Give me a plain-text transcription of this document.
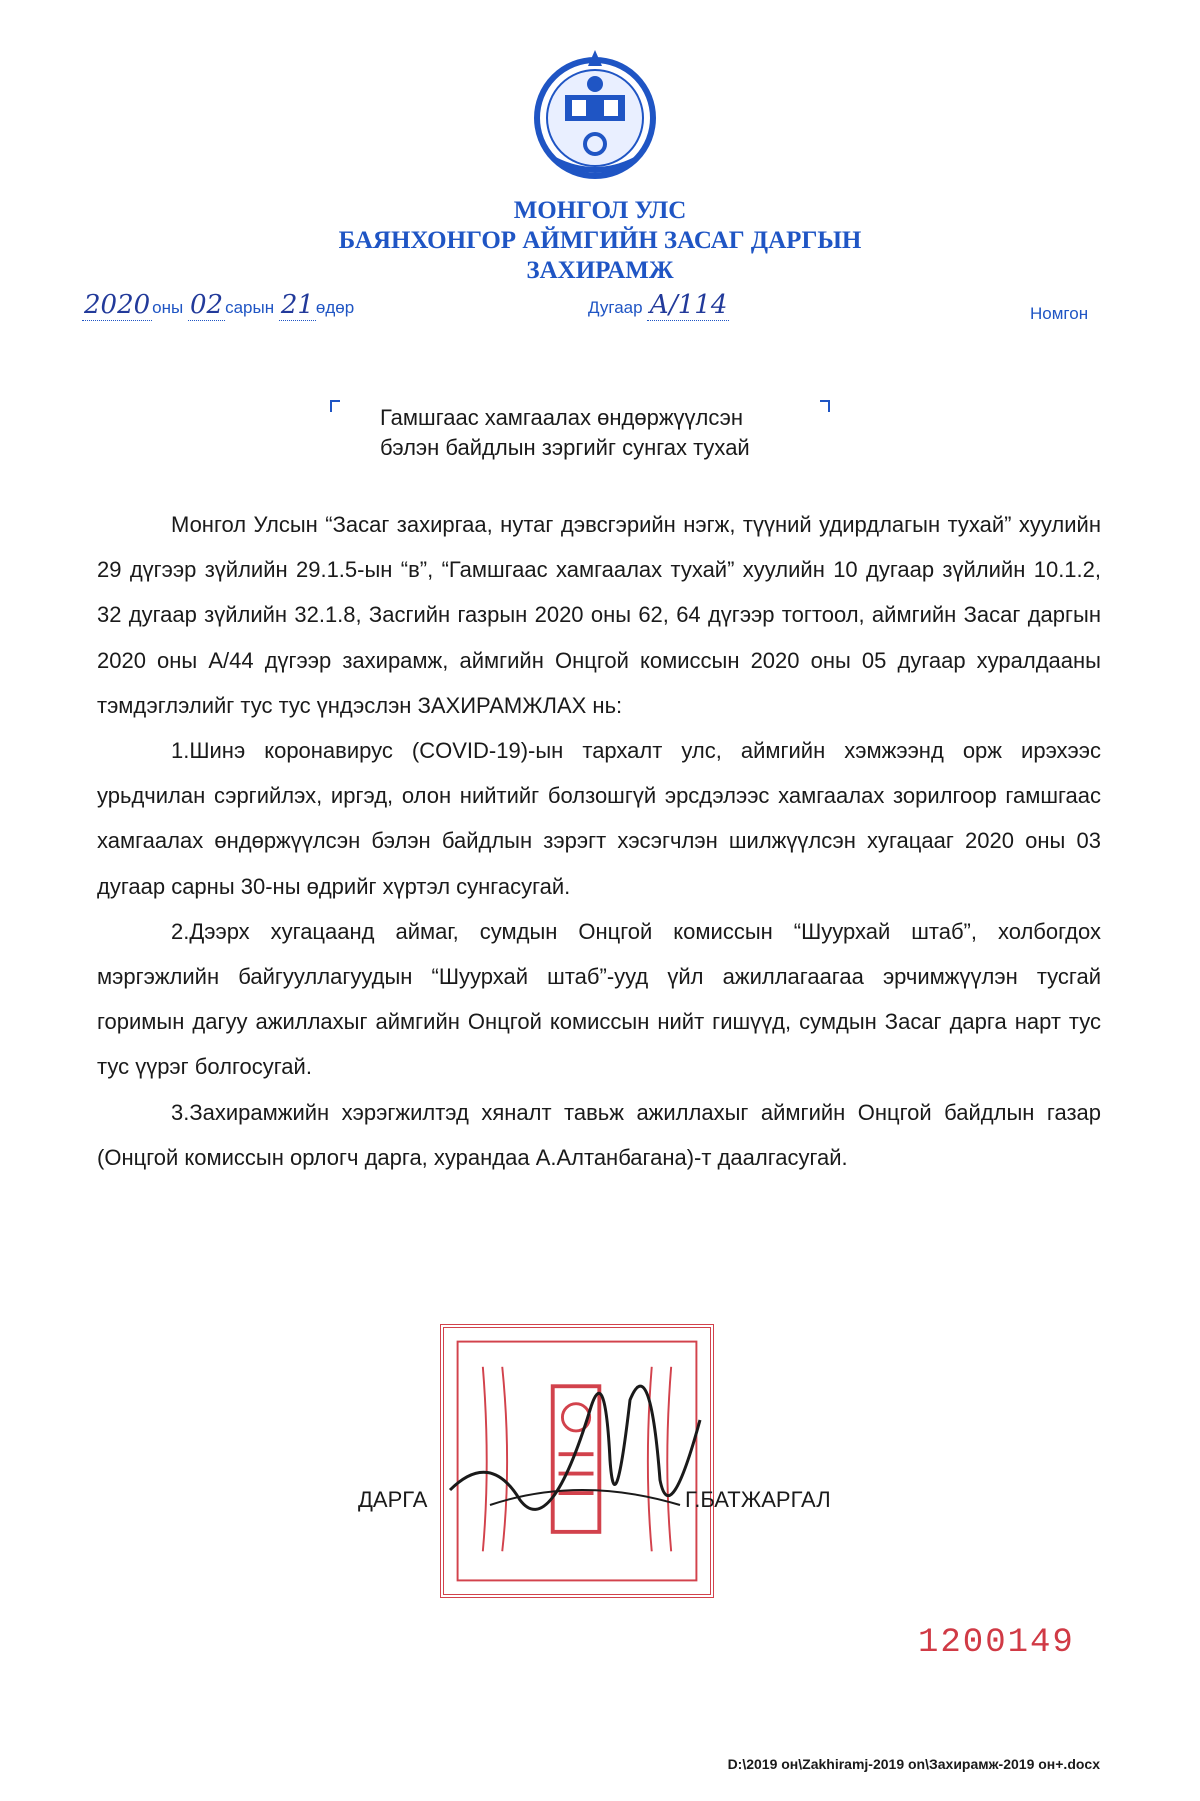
МОНГОЛ УЛС
БАЯНХОНГОР АЙМГИЙН ЗАСАГ ДАРГЫН
ЗАХИРАМЖ
2020 оны 02 сарын 21 өдөр	Дугаар А/114	Номгон
Гамшгаас хамгаалах өндөржүүлсэн
бэлэн байдлын зэргийг сунгах тухай

Монгол Улсын “Засаг захиргаа, нутаг дэвсгэрийн нэгж, түүний удирдлагын тухай” хуулийн 29 дүгээр зүйлийн 29.1.5-ын “в”, “Гамшгаас хамгаалах тухай” хуулийн 10 дугаар зүйлийн 10.1.2, 32 дугаар зүйлийн 32.1.8, Засгийн газрын 2020 оны 62, 64 дүгээр тогтоол, аймгийн Засаг даргын 2020 оны А/44 дүгээр захирамж, аймгийн Онцгой комиссын 2020 оны 05 дугаар хуралдааны тэмдэглэлийг тус тус үндэслэн ЗАХИРАМЖЛАХ нь:

1.Шинэ коронавирус (COVID-19)-ын тархалт улс, аймгийн хэмжээнд орж ирэхээс урьдчилан сэргийлэх, иргэд, олон нийтийг болзошгүй эрсдэлээс хамгаалах зорилгоор гамшгаас хамгаалах өндөржүүлсэн бэлэн байдлын зэрэгт хэсэгчлэн шилжүүлсэн хугацааг 2020 оны 03 дугаар сарны 30-ны өдрийг хүртэл сунгасугай.

2.Дээрх хугацаанд аймаг, сумдын Онцгой комиссын “Шуурхай штаб”, холбогдох мэргэжлийн байгууллагуудын “Шуурхай штаб”-ууд үйл ажиллагаагаа эрчимжүүлэн тусгай горимын дагуу ажиллахыг аймгийн Онцгой комиссын нийт гишүүд, сумдын Засаг дарга нарт тус тус үүрэг болгосугай.

3.Захирамжийн хэрэгжилтэд хяналт тавьж ажиллахыг аймгийн Онцгой байдлын газар (Онцгой комиссын орлогч дарга, хурандаа А.Алтанбагана)-т даалгасугай.

ДАРГА	Г.БАТЖАРГАЛ
1200149
D:\2019 он\Zakhiramj-2019 on\Захирамж-2019 он+.docx
